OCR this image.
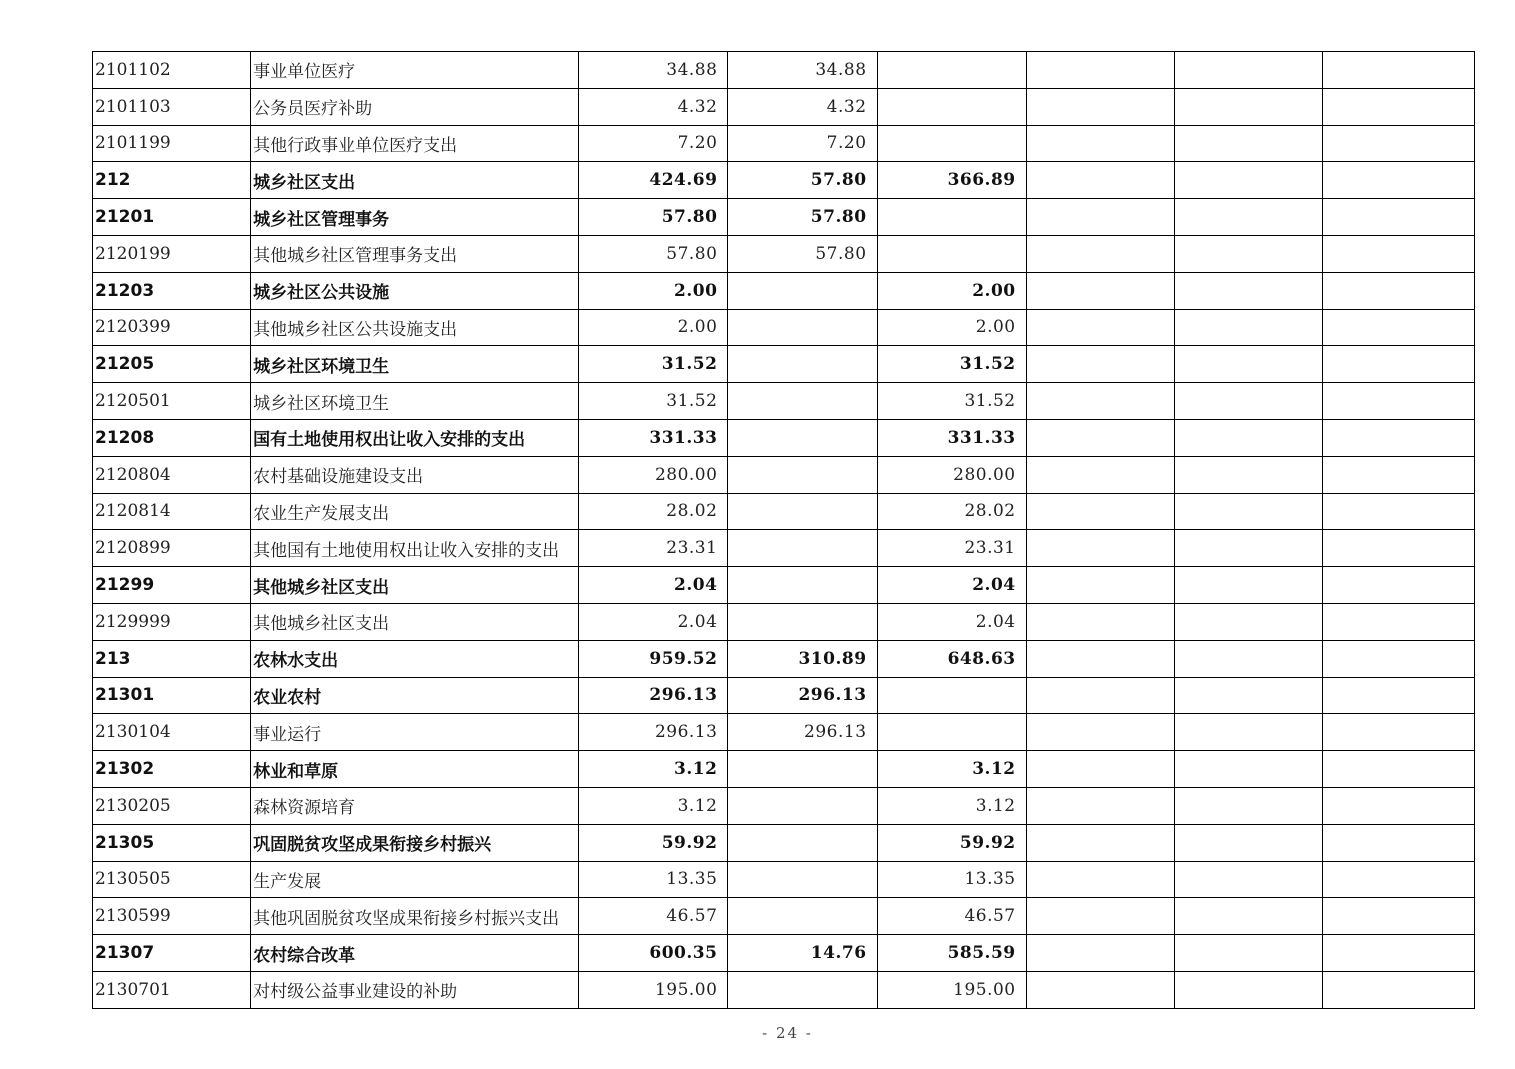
2101102	事业单位医疗	34.88	34.88				
2101103	公务员医疗补助	4.32	4.32				
2101199	其他行政事业单位医疗支出	7.20	7.20				
212	城乡社区支出	424.69	57.80	366.89			
21201	城乡社区管理事务	57.80	57.80				
2120199	其他城乡社区管理事务支出	57.80	57.80				
21203	城乡社区公共设施	2.00		2.00			
2120399	其他城乡社区公共设施支出	2.00		2.00			
21205	城乡社区环境卫生	31.52		31.52			
2120501	城乡社区环境卫生	31.52		31.52			
21208	国有土地使用权出让收入安排的支出	331.33		331.33			
2120804	农村基础设施建设支出	280.00		280.00			
2120814	农业生产发展支出	28.02		28.02			
2120899	其他国有土地使用权出让收入安排的支出	23.31		23.31			
21299	其他城乡社区支出	2.04		2.04			
2129999	其他城乡社区支出	2.04		2.04			
213	农林水支出	959.52	310.89	648.63			
21301	农业农村	296.13	296.13				
2130104	事业运行	296.13	296.13				
21302	林业和草原	3.12		3.12			
2130205	森林资源培育	3.12		3.12			
21305	巩固脱贫攻坚成果衔接乡村振兴	59.92		59.92			
2130505	生产发展	13.35		13.35			
2130599	其他巩固脱贫攻坚成果衔接乡村振兴支出	46.57		46.57			
21307	农村综合改革	600.35	14.76	585.59			
2130701	对村级公益事业建设的补助	195.00		195.00			
- 24 -
